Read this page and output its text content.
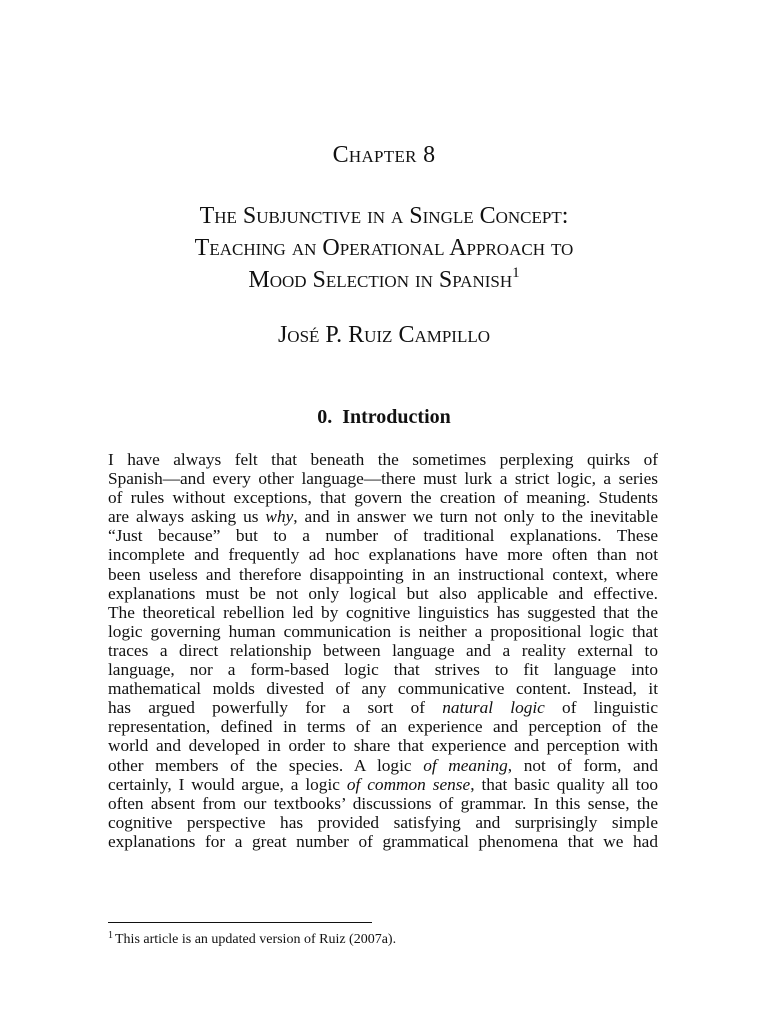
Chapter 8
The Subjunctive in a Single Concept:
Teaching an Operational Approach to
Mood Selection in Spanish$^1$
José P. Ruiz Campillo
0. Introduction

I have always felt that beneath the sometimes perplexing quirks of
Spanish—and every other language—there must lurk a strict logic, a series
of rules without exceptions, that govern the creation of meaning. Students
are always asking us why, and in answer we turn not only to the inevitable
“Just because” but to a number of traditional explanations. These
incomplete and frequently ad hoc explanations have more often than not
been useless and therefore disappointing in an instructional context, where
explanations must be not only logical but also applicable and effective.
The theoretical rebellion led by cognitive linguistics has suggested that the
logic governing human communication is neither a propositional logic that
traces a direct relationship between language and a reality external to
language, nor a form-based logic that strives to fit language into
mathematical molds divested of any communicative content. Instead, it
has argued powerfully for a sort of natural logic of linguistic
representation, defined in terms of an experience and perception of the
world and developed in order to share that experience and perception with
other members of the species. A logic of meaning, not of form, and
certainly, I would argue, a logic of common sense, that basic quality all too
often absent from our textbooks’ discussions of grammar. In this sense, the
cognitive perspective has provided satisfying and surprisingly simple
explanations for a great number of grammatical phenomena that we had

$^1$ This article is an updated version of Ruiz (2007a).
